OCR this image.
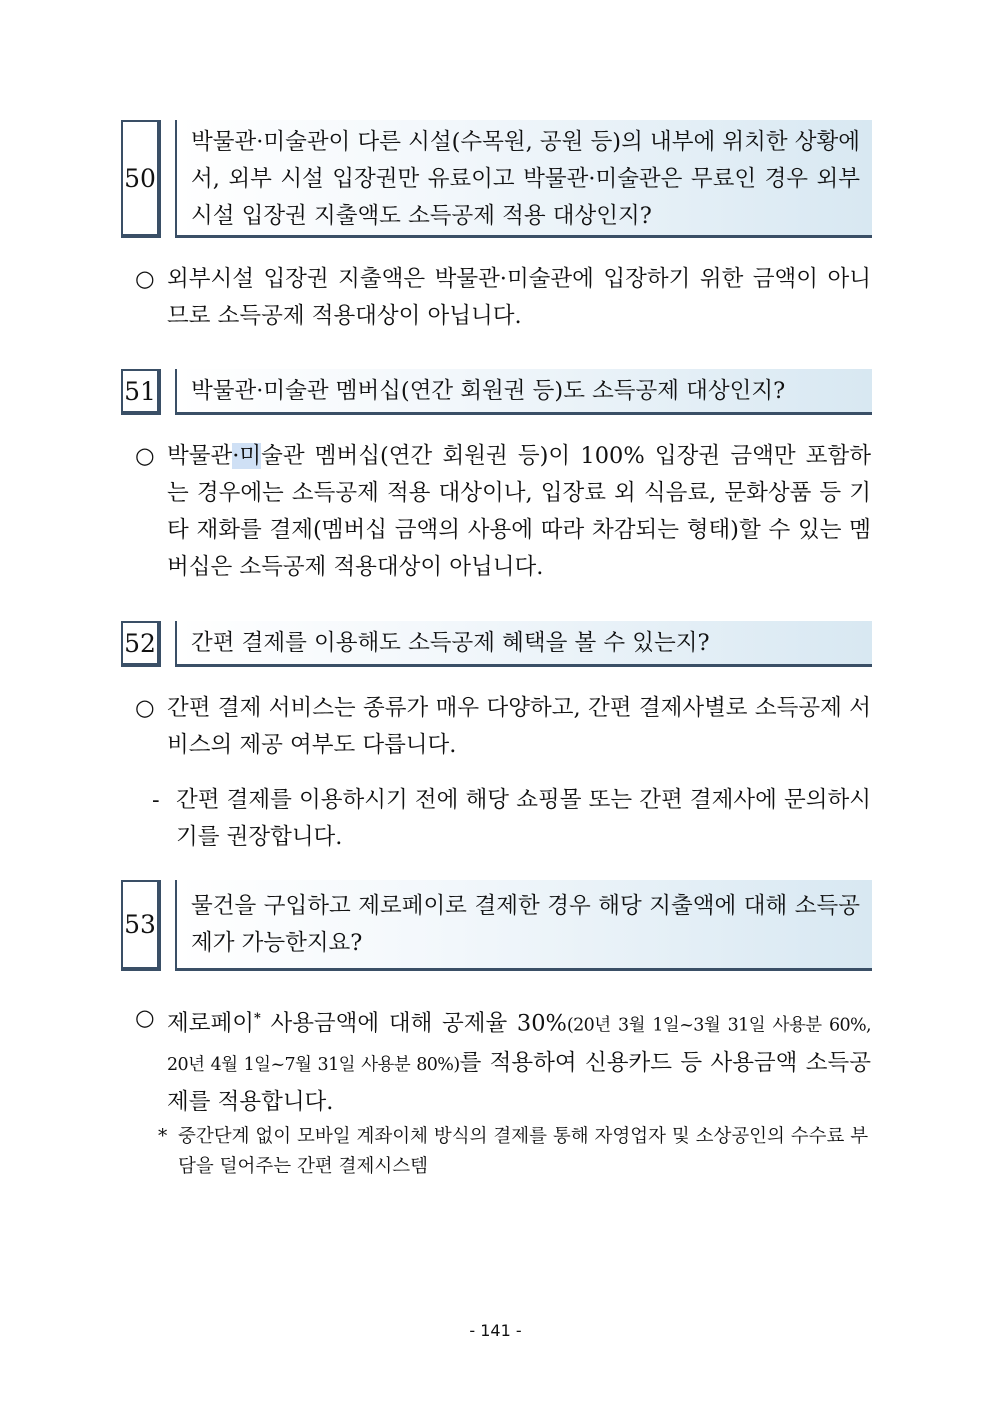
50
박물관·미술관이 다른 시설(수목원, 공원 등)의 내부에 위치한 상황에서, 외부 시설 입장권만 유료이고 박물관·미술관은 무료인 경우 외부시설 입장권 지출액도 소득공제 적용 대상인지?
○ 외부시설 입장권 지출액은 박물관·미술관에 입장하기 위한 금액이 아니므로 소득공제 적용대상이 아닙니다.
51	박물관·미술관 멤버십(연간 회원권 등)도 소득공제 대상인지?
○ 박물관·미술관 멤버십(연간 회원권 등)이 100% 입장권 금액만 포함하는 경우에는 소득공제 적용 대상이나, 입장료 외 식음료, 문화상품 등 기타 재화를 결제(멤버십 금액의 사용에 따라 차감되는 형태)할 수 있는 멤버십은 소득공제 적용대상이 아닙니다.
52	간편 결제를 이용해도 소득공제 혜택을 볼 수 있는지?
○ 간편 결제 서비스는 종류가 매우 다양하고, 간편 결제사별로 소득공제 서비스의 제공 여부도 다릅니다.
- 간편 결제를 이용하시기 전에 해당 쇼핑몰 또는 간편 결제사에 문의하시기를 권장합니다.
53
물건을 구입하고 제로페이로 결제한 경우 해당 지출액에 대해 소득공제가 가능한지요?
○ 제로페이* 사용금액에 대해 공제율 30%(20년 3월 1일~3월 31일 사용분 60%, 20년 4월 1일~7월 31일 사용분 80%)를 적용하여 신용카드 등 사용금액 소득공제를 적용합니다.
* 중간단계 없이 모바일 계좌이체 방식의 결제를 통해 자영업자 및 소상공인의 수수료 부담을 덜어주는 간편 결제시스템
- 141 -
